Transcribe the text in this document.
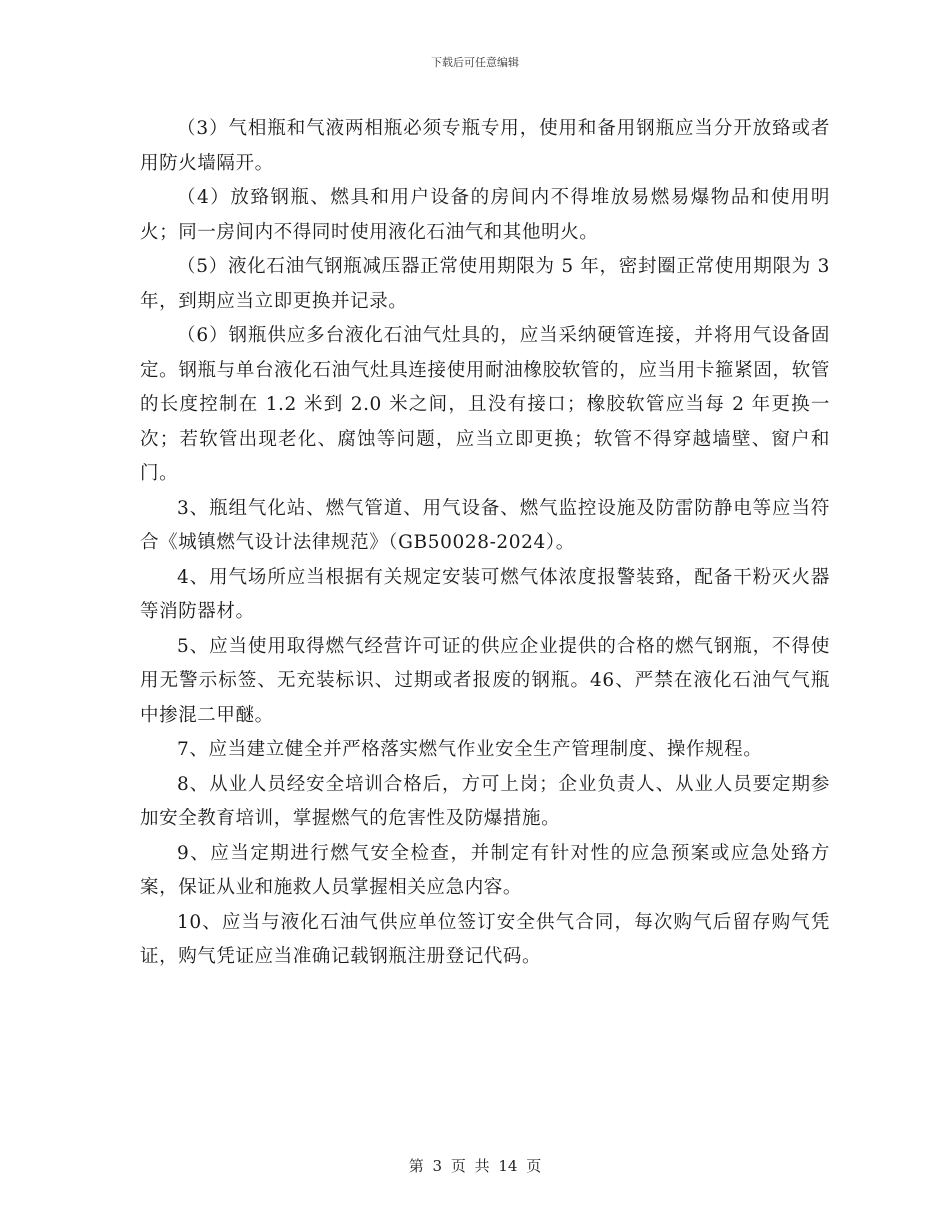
下载后可任意编辑

（3）气相瓶和气液两相瓶必须专瓶专用，使用和备用钢瓶应当分开放臵或者用防火墙隔开。

（4）放臵钢瓶、燃具和用户设备的房间内不得堆放易燃易爆物品和使用明火；同一房间内不得同时使用液化石油气和其他明火。

（5）液化石油气钢瓶减压器正常使用期限为 5 年，密封圈正常使用期限为 3 年，到期应当立即更换并记录。

（6）钢瓶供应多台液化石油气灶具的，应当采纳硬管连接，并将用气设备固定。钢瓶与单台液化石油气灶具连接使用耐油橡胶软管的，应当用卡箍紧固，软管的长度控制在 1.2 米到 2.0 米之间，且没有接口；橡胶软管应当每 2 年更换一次；若软管出现老化、腐蚀等问题，应当立即更换；软管不得穿越墙壁、窗户和门。

3、瓶组气化站、燃气管道、用气设备、燃气监控设施及防雷防静电等应当符合《城镇燃气设计法律规范》（GB50028-2024）。

4、用气场所应当根据有关规定安装可燃气体浓度报警装臵，配备干粉灭火器等消防器材。

5、应当使用取得燃气经营许可证的供应企业提供的合格的燃气钢瓶，不得使用无警示标签、无充装标识、过期或者报废的钢瓶。46、严禁在液化石油气气瓶中掺混二甲醚。

7、应当建立健全并严格落实燃气作业安全生产管理制度、操作规程。

8、从业人员经安全培训合格后，方可上岗；企业负责人、从业人员要定期参加安全教育培训，掌握燃气的危害性及防爆措施。

9、应当定期进行燃气安全检查，并制定有针对性的应急预案或应急处臵方案，保证从业和施救人员掌握相关应急内容。

10、应当与液化石油气供应单位签订安全供气合同，每次购气后留存购气凭证，购气凭证应当准确记载钢瓶注册登记代码。

第 3 页 共 14 页
